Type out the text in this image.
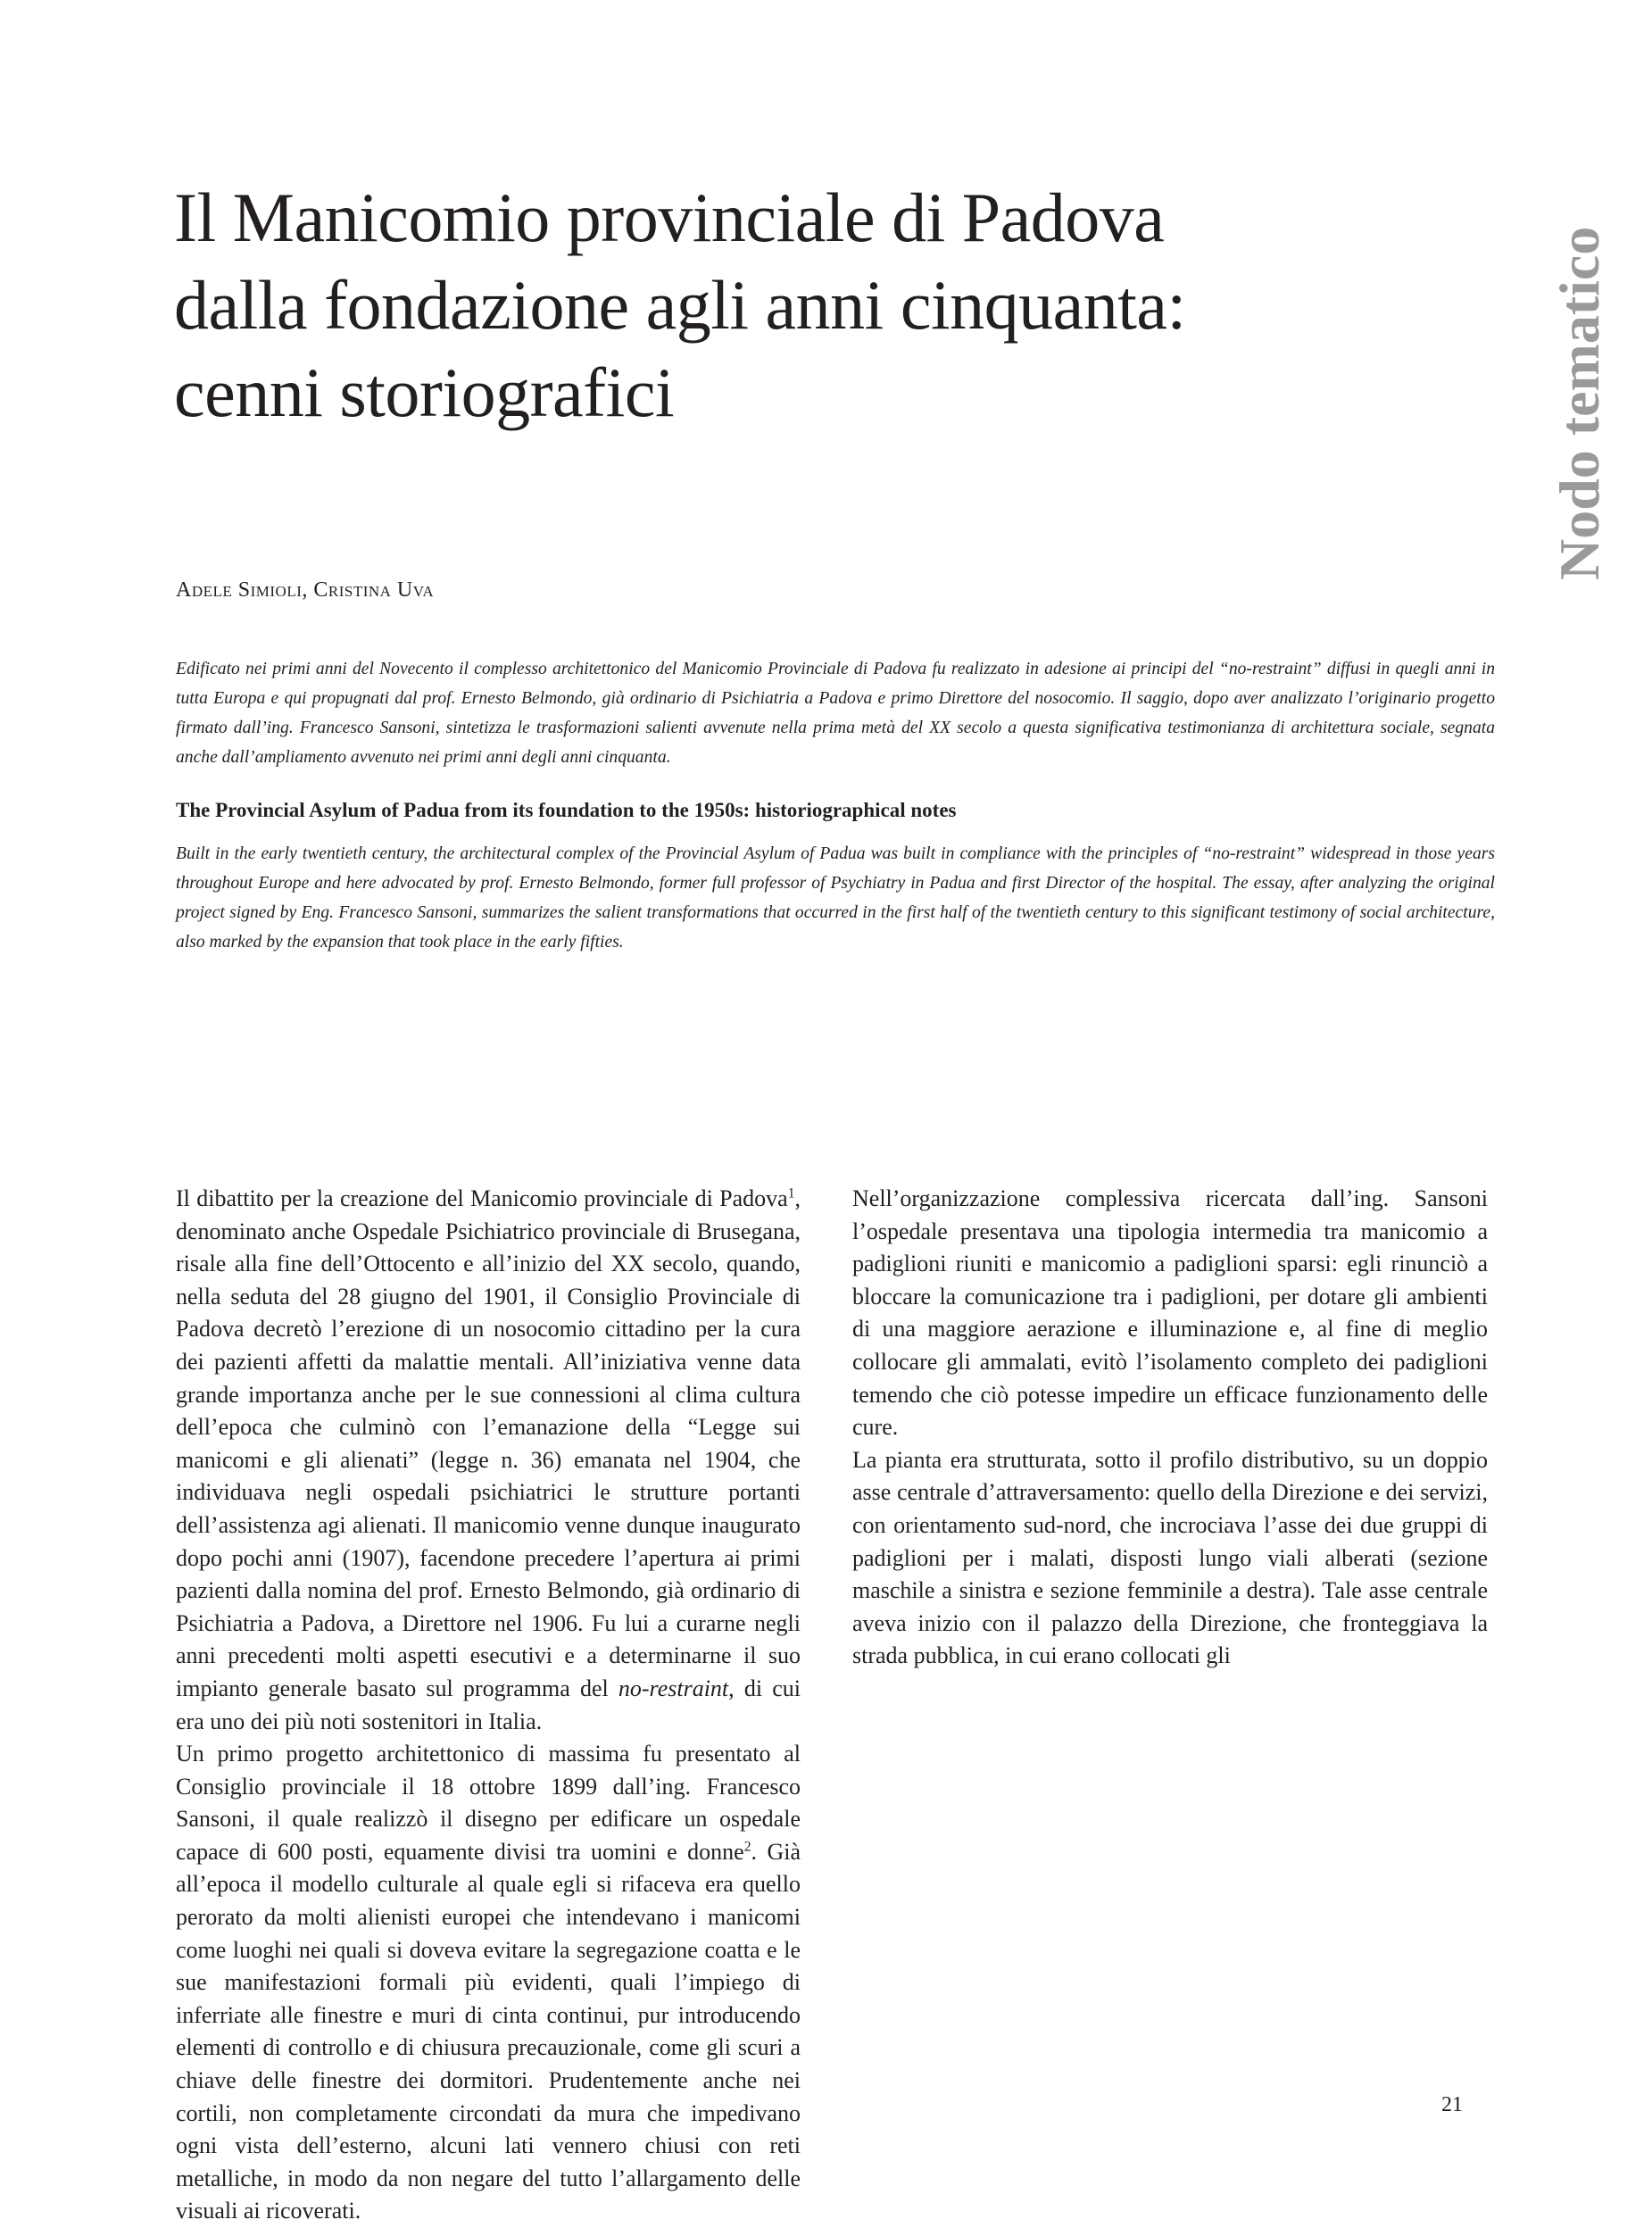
Il Manicomio provinciale di Padova
dalla fondazione agli anni cinquanta:
cenni storiografici	Nodo tematico
Adele Simioli, Cristina Uva

Edificato nei primi anni del Novecento il complesso architettonico del Manicomio Provinciale di Padova fu realizzato in adesione ai principi del “no-restraint” diffusi in quegli anni in tutta Europa e qui propugnati dal prof. Ernesto Belmondo, già ordinario di Psichiatria a Padova e primo Direttore del nosocomio. Il saggio, dopo aver analizzato l’originario progetto firmato dall’ing. Francesco Sansoni, sintetizza le trasformazioni salienti avvenute nella prima metà del XX secolo a questa significativa testimonianza di architettura sociale, segnata anche dall’ampliamento avvenuto nei primi anni degli anni cinquanta.

The Provincial Asylum of Padua from its foundation to the 1950s: historiographical notes

Built in the early twentieth century, the architectural complex of the Provincial Asylum of Padua was built in compliance with the principles of “no-restraint” widespread in those years throughout Europe and here advocated by prof. Ernesto Belmondo, former full professor of Psychiatry in Padua and first Director of the hospital. The essay, after analyzing the original project signed by Eng. Francesco Sansoni, summarizes the salient transformations that occurred in the first half of the twentieth century to this significant testimony of social architecture, also marked by the expansion that took place in the early fifties.

Il dibattito per la creazione del Manicomio provinciale di Padova$^1$, denominato anche Ospedale Psichiatrico provinciale di Brusegana, risale alla fine dell’Ottocento e all’inizio del XX secolo, quando, nella seduta del 28 giugno del 1901, il Consiglio Provinciale di Padova decretò l’erezione di un nosocomio cittadino per la cura dei pazienti affetti da malattie mentali. All’iniziativa venne data grande importanza anche per le sue connessioni al clima cultura dell’epoca che culminò con l’emanazione della “Legge sui manicomi e gli alienati” (legge n. 36) emanata nel 1904, che individuava negli ospedali psichiatrici le strutture portanti dell’assistenza agi alienati. Il manicomio venne dunque inaugurato dopo pochi anni (1907), facendone precedere l’apertura ai primi pazienti dalla nomina del prof. Ernesto Belmondo, già ordinario di Psichiatria a Padova, a Direttore nel 1906. Fu lui a curarne negli anni precedenti molti aspetti esecutivi e a determinarne il suo impianto generale basato sul programma del no-restraint, di cui era uno dei più noti sostenitori in Italia.

Un primo progetto architettonico di massima fu presentato al Consiglio provinciale il 18 ottobre 1899 dall’ing. Francesco Sansoni, il quale realizzò il disegno per edificare un ospedale capace di 600 posti, equamente divisi tra uomini e donne$^2$. Già all’epoca il modello culturale al quale egli si rifaceva era quello perorato da molti alienisti europei che intendevano i manicomi come luoghi nei quali si doveva evitare la segregazione coatta e le sue manifestazioni formali più evidenti, quali l’impiego di inferriate alle finestre e muri di cinta continui, pur introducendo elementi di controllo e di chiusura precauzionale, come gli scuri a chiave delle finestre dei dormitori. Prudentemente anche nei cortili, non completamente circondati da mura che impedivano ogni vista dell’esterno, alcuni lati vennero chiusi con reti metalliche, in modo da non negare del tutto l’allargamento delle visuali ai ricoverati.

Nell’organizzazione complessiva ricercata dall’ing. Sansoni l’ospedale presentava una tipologia intermedia tra manicomio a padiglioni riuniti e manicomio a padiglioni sparsi: egli rinunciò a bloccare la comunicazione tra i padiglioni, per dotare gli ambienti di una maggiore aerazione e illuminazione e, al fine di meglio collocare gli ammalati, evitò l’isolamento completo dei padiglioni temendo che ciò potesse impedire un efficace funzionamento delle cure.

La pianta era strutturata, sotto il profilo distributivo, su un doppio asse centrale d’attraversamento: quello della Direzione e dei servizi, con orientamento sud-nord, che incrociava l’asse dei due gruppi di padiglioni per i malati, disposti lungo viali alberati (sezione maschile a sinistra e sezione femminile a destra). Tale asse centrale aveva inizio con il palazzo della Direzione, che fronteggiava la strada pubblica, in cui erano collocati gli

21
